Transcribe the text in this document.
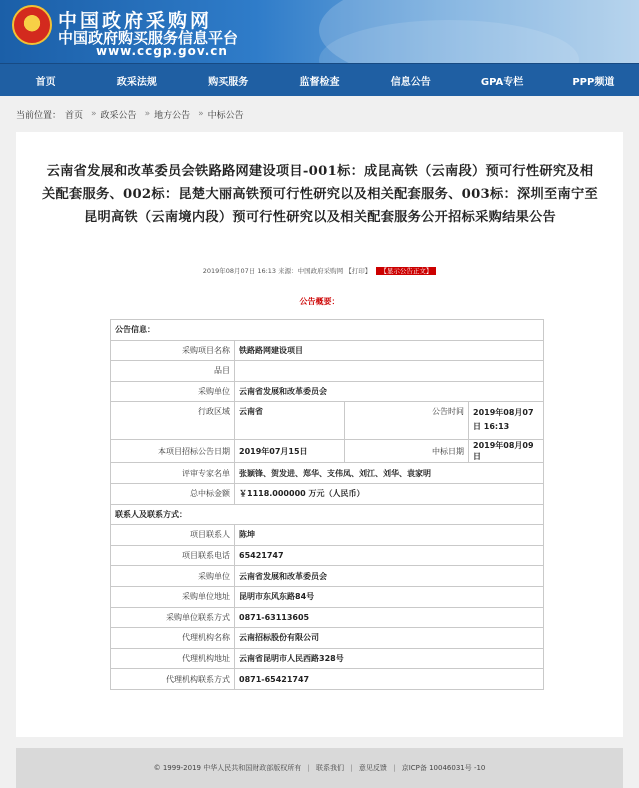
★	中国政府采购网
中国政府购买服务信息平台
www.ccgp.gov.cn
首页	政采法规	购买服务	监督检查	信息公告	GPA专栏	PPP频道
当前位置： 首页 » 政采公告 » 地方公告 » 中标公告
云南省发展和改革委员会铁路路网建设项目-001标：成昆高铁（云南段）预可行性研究及相关配套服务、002标：昆楚大丽高铁预可行性研究以及相关配套服务、003标：深圳至南宁至昆明高铁（云南境内段）预可行性研究以及相关配套服务公开招标采购结果公告
2019年08月07日 16:13 来源：中国政府采购网 【打印】 【显示公告正文】
公告概要：
公告信息：			
采购项目名称	铁路路网建设项目		
品目			
采购单位	云南省发展和改革委员会		
行政区域	云南省	公告时间	2019年08月07日 16:13
本项目招标公告日期	2019年07月15日	中标日期	2019年08月09日
评审专家名单	张颖锋、贺发进、郑华、支伟凤、刘江、刘华、袁家明		
总中标金额	￥1118.000000 万元（人民币）		
联系人及联系方式：			
项目联系人	陈坤		
项目联系电话	65421747		
采购单位	云南省发展和改革委员会		
采购单位地址	昆明市东风东路84号		
采购单位联系方式	0871-63113605		
代理机构名称	云南招标股份有限公司		
代理机构地址	云南省昆明市人民西路328号		
代理机构联系方式	0871-65421747		
© 1999-2019 中华人民共和国财政部版权所有 | 联系我们 | 意见反馈 | 京ICP备 10046031号 -10
